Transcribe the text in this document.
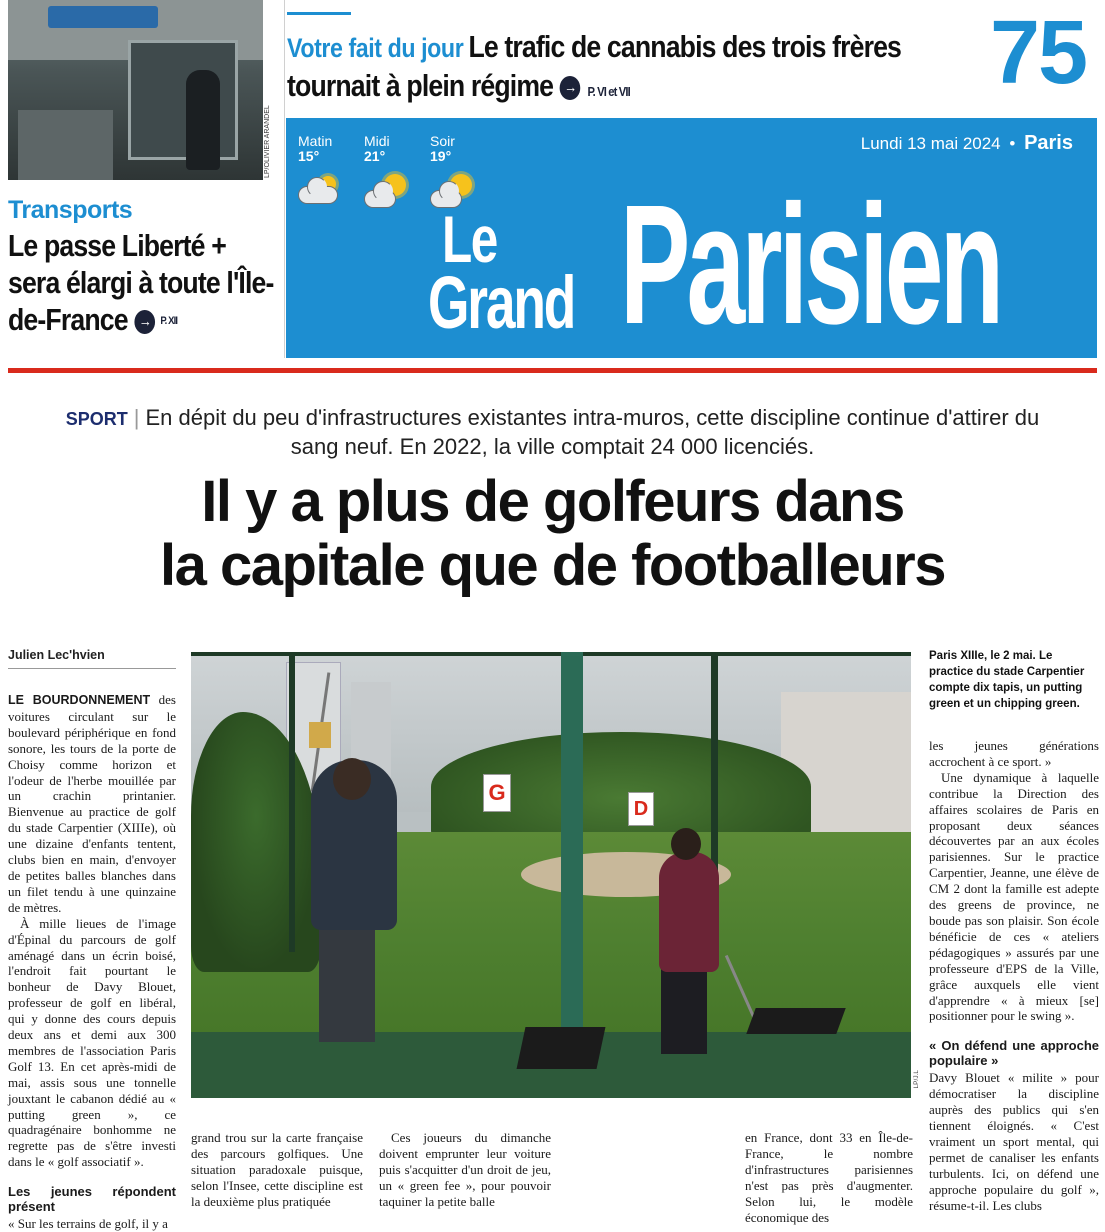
LP/OLIVIER ARANDEL
Transports
Le passe Liberté + sera élargi à toute l'Île-de-France → P. XII
Votre fait du jour Le trafic de cannabis des trois frères
tournait à plein régime → P. VI et VII	75
Matin
15°
Midi
21°
Soir
19°
Lundi 13 mai 2024 • Paris
Le
Grand Parisien
SPORT | En dépit du peu d'infrastructures existantes intra-muros, cette discipline continue d'attirer du sang neuf. En 2022, la ville comptait 24 000 licenciés.
Il y a plus de golfeurs dans
la capitale que de footballeurs
Julien Lec'hvien

LE BOURDONNEMENT des voitures circulant sur le boulevard périphérique en fond sonore, les tours de la porte de Choisy comme horizon et l'odeur de l'herbe mouillée par un crachin printanier. Bienvenue au practice de golf du stade Carpentier (XIIIe), où une dizaine d'enfants tentent, clubs bien en main, d'envoyer de petites balles blanches dans un filet tendu à une quinzaine de mètres.

À mille lieues de l'image d'Épinal du parcours de golf aménagé dans un écrin boisé, l'endroit fait pourtant le bonheur de Davy Blouet, professeur de golf en libéral, qui y donne des cours depuis deux ans et demi aux 300 membres de l'association Paris Golf 13. En cet après-midi de mai, assis sous une tonnelle jouxtant le cabanon dédié au « putting green », ce quadragénaire bonhomme ne regrette pas de s'être investi dans le « golf associatif ».

Les jeunes répondent présent

« Sur les terrains de golf, il y a

G
D
LP/J.L
Paris XIIIe, le 2 mai. Le practice du stade Carpentier compte dix tapis, un putting green et un chipping green.

les jeunes générations accrochent à ce sport. »

Une dynamique à laquelle contribue la Direction des affaires scolaires de Paris en proposant deux séances découvertes par an aux écoles parisiennes. Sur le practice Carpentier, Jeanne, une élève de CM 2 dont la famille est adepte des greens de province, ne boude pas son plaisir. Son école bénéficie de ces « ateliers pédagogiques » assurés par une professeure d'EPS de la Ville, grâce auxquels elle vient d'apprendre « à mieux [se] positionner pour le swing ».

« On défend une approche populaire »

Davy Blouet « milite » pour démocratiser la discipline auprès des publics qui s'en tiennent éloignés. « C'est vraiment un sport mental, qui permet de canaliser les enfants turbulents. Ici, on défend une approche populaire du golf », résume-t-il. Les clubs

grand trou sur la carte française des parcours golfiques. Une situation paradoxale puisque, selon l'Insee, cette discipline est la deuxième plus pratiquée

Ces joueurs du dimanche doivent emprunter leur voiture puis s'acquitter d'un droit de jeu, un « green fee », pour pouvoir taquiner la petite balle

en France, dont 33 en Île-de-France, le nombre d'infrastructures parisiennes n'est pas près d'augmenter. Selon lui, le modèle économique des
